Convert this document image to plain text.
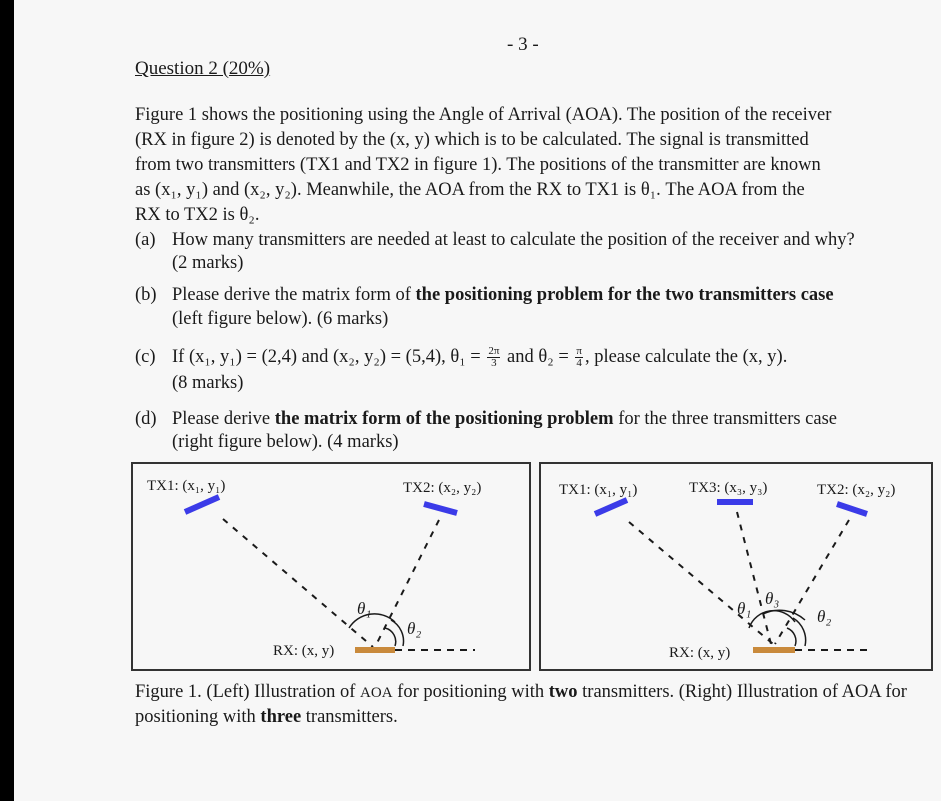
- 3 -
Question 2 (20%)
Figure 1 shows the positioning using the Angle of Arrival (AOA). The position of the receiver
(RX in figure 2) is denoted by the (x, y) which is to be calculated. The signal is transmitted
from two transmitters (TX1 and TX2 in figure 1). The positions of the transmitter are known
as (x₁, y₁) and (x₂, y₂). Meanwhile, the AOA from the RX to TX1 is θ₁. The AOA from the
RX to TX2 is θ₂.
(a) How many transmitters are needed at least to calculate the position of the receiver and why?
(2 marks)
(b) Please derive the matrix form of the positioning problem for the two transmitters case
(left figure below). (6 marks)
(c) If (x₁, y₁) = (2,4) and (x₂, y₂) = (5,4), $\theta_1 = \frac{2\pi}{3}$ and $\theta_2 = \frac{\pi}{4}$ , please calculate the (x, y).
(8 marks)
(d) Please derive the matrix form of the positioning problem for the three transmitters case
(right figure below). (4 marks)
TX1: (x₁, y₁)	TX2: (x₂, y₂)
θ₁
θ₂
RX: (x, y)
TX1: (x₁, y₁)	TX3: (x₃, y₃)	TX2: (x₂, y₂)
θ₁
θ₃
θ₂
RX: (x, y)
Figure 1. (Left) Illustration of AOA for positioning with two transmitters. (Right) Illustration of AOA for positioning with three transmitters.
